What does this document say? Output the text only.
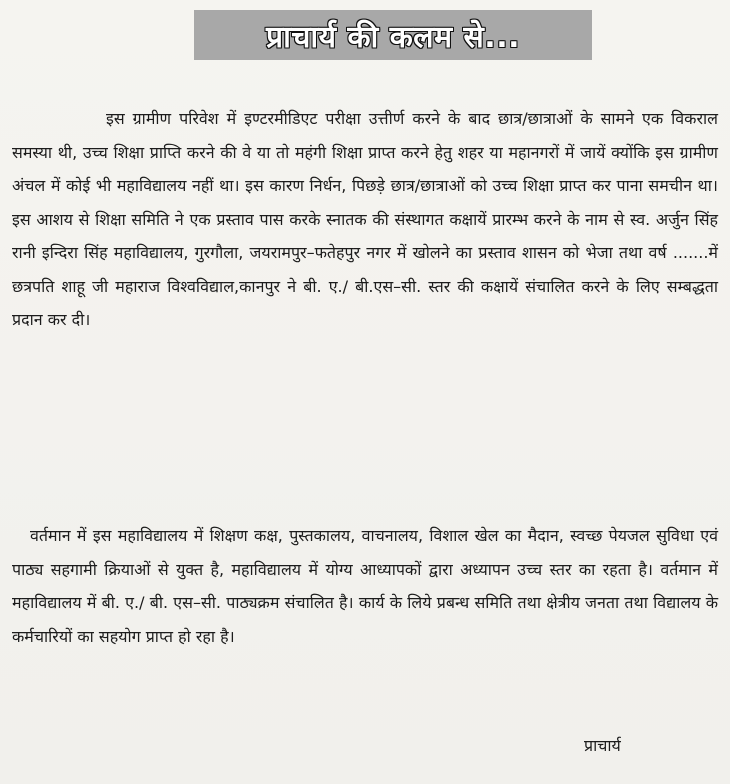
प्राचार्य की कलम से...

इस ग्रामीण परिवेश में इण्टरमीडिएट परीक्षा उत्तीर्ण करने के बाद छात्र/छात्राओं के सामने एक विकराल समस्या थी, उच्च शिक्षा प्राप्ति करने की वे या तो महंगी शिक्षा प्राप्त करने हेतु शहर या महानगरों में जायें क्योंकि इस ग्रामीण अंचल में कोई भी महाविद्यालय नहीं था। इस कारण निर्धन, पिछड़े छात्र/छात्राओं को उच्च शिक्षा प्राप्त कर पाना समचीन था। इस आशय से शिक्षा समिति ने एक प्रस्ताव पास करके स्नातक की संस्थागत कक्षायें प्रारम्भ करने के नाम से स्व. अर्जुन सिंह रानी इन्दिरा सिंह महाविद्यालय, गुरगौला, जयरामपुर–फतेहपुर नगर में खोलने का प्रस्ताव शासन को भेजा तथा वर्ष .......में छत्रपति शाहू जी महाराज विश्वविद्याल,कानपुर ने बी. ए./ बी.एस–सी. स्तर की कक्षायें संचालित करने के लिए सम्बद्धता प्रदान कर दी।

वर्तमान में इस महाविद्यालय में शिक्षण कक्ष, पुस्तकालय, वाचनालय, विशाल खेल का मैदान, स्वच्छ पेयजल सुविधा एवं पाठ्य सहगामी क्रियाओं से युक्त है, महाविद्यालय में योग्य आध्यापकों द्वारा अध्यापन उच्च स्तर का रहता है। वर्तमान में महाविद्यालय में बी. ए./ बी. एस–सी. पाठ्यक्रम संचालित है। कार्य के लिये प्रबन्ध समिति तथा क्षेत्रीय जनता तथा विद्यालय के कर्मचारियों का सहयोग प्राप्त हो रहा है।

प्राचार्य
